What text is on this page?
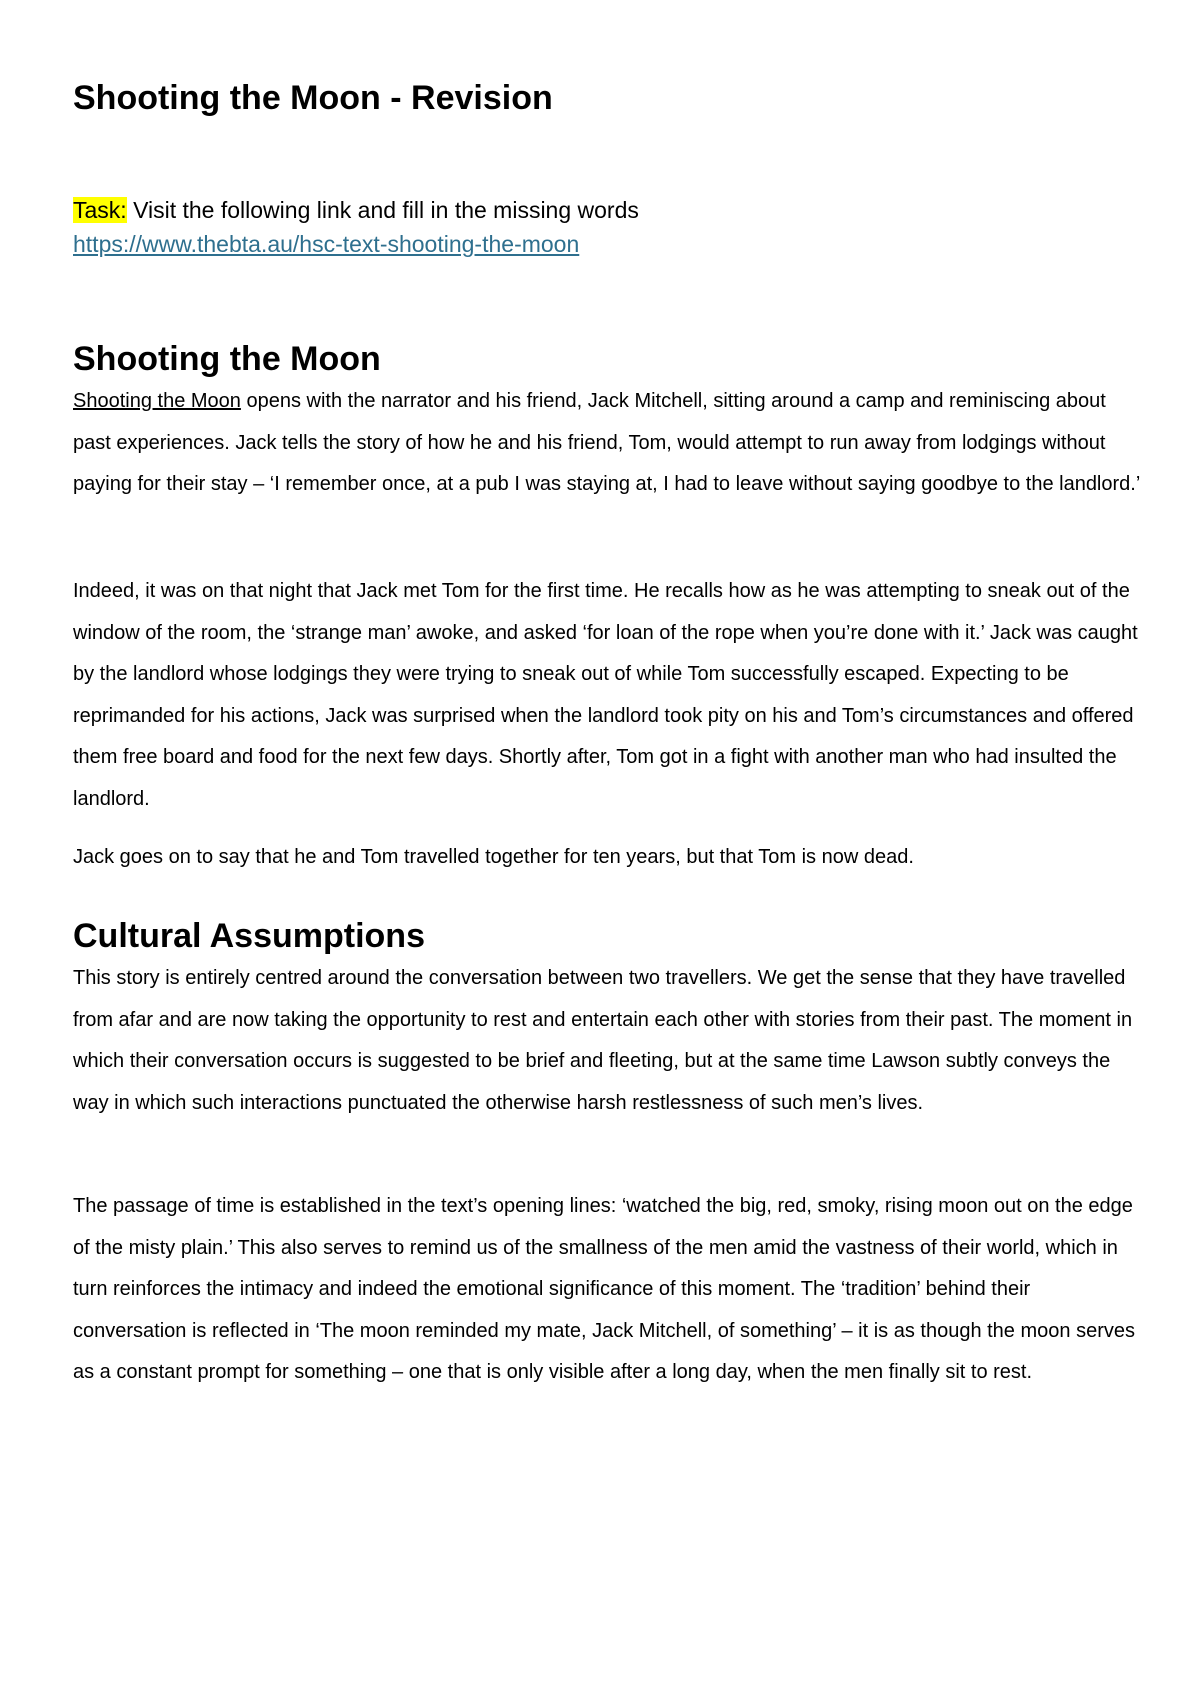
Shooting the Moon - Revision
Task: Visit the following link and fill in the missing words
https://www.thebta.au/hsc-text-shooting-the-moon
Shooting the Moon

Shooting the Moon opens with the narrator and his friend, Jack Mitchell, sitting around a camp and reminiscing about past experiences. Jack tells the story of how he and his friend, Tom, would attempt to run away from lodgings without paying for their stay – ‘I remember once, at a pub I was staying at, I had to leave without saying goodbye to the landlord.’

Indeed, it was on that night that Jack met Tom for the first time. He recalls how as he was attempting to sneak out of the window of the room, the ‘strange man’ awoke, and asked ‘for loan of the rope when you’re done with it.’ Jack was caught by the landlord whose lodgings they were trying to sneak out of while Tom successfully escaped. Expecting to be reprimanded for his actions, Jack was surprised when the landlord took pity on his and Tom’s circumstances and offered them free board and food for the next few days. Shortly after, Tom got in a fight with another man who had insulted the landlord.

Jack goes on to say that he and Tom travelled together for ten years, but that Tom is now dead.

Cultural Assumptions

This story is entirely centred around the conversation between two travellers. We get the sense that they have travelled from afar and are now taking the opportunity to rest and entertain each other with stories from their past. The moment in which their conversation occurs is suggested to be brief and fleeting, but at the same time Lawson subtly conveys the way in which such interactions punctuated the otherwise harsh restlessness of such men’s lives.

The passage of time is established in the text’s opening lines: ‘watched the big, red, smoky, rising moon out on the edge of the misty plain.’ This also serves to remind us of the smallness of the men amid the vastness of their world, which in turn reinforces the intimacy and indeed the emotional significance of this moment. The ‘tradition’ behind their conversation is reflected in ‘The moon reminded my mate, Jack Mitchell, of something’ – it is as though the moon serves as a constant prompt for something – one that is only visible after a long day, when the men finally sit to rest.
